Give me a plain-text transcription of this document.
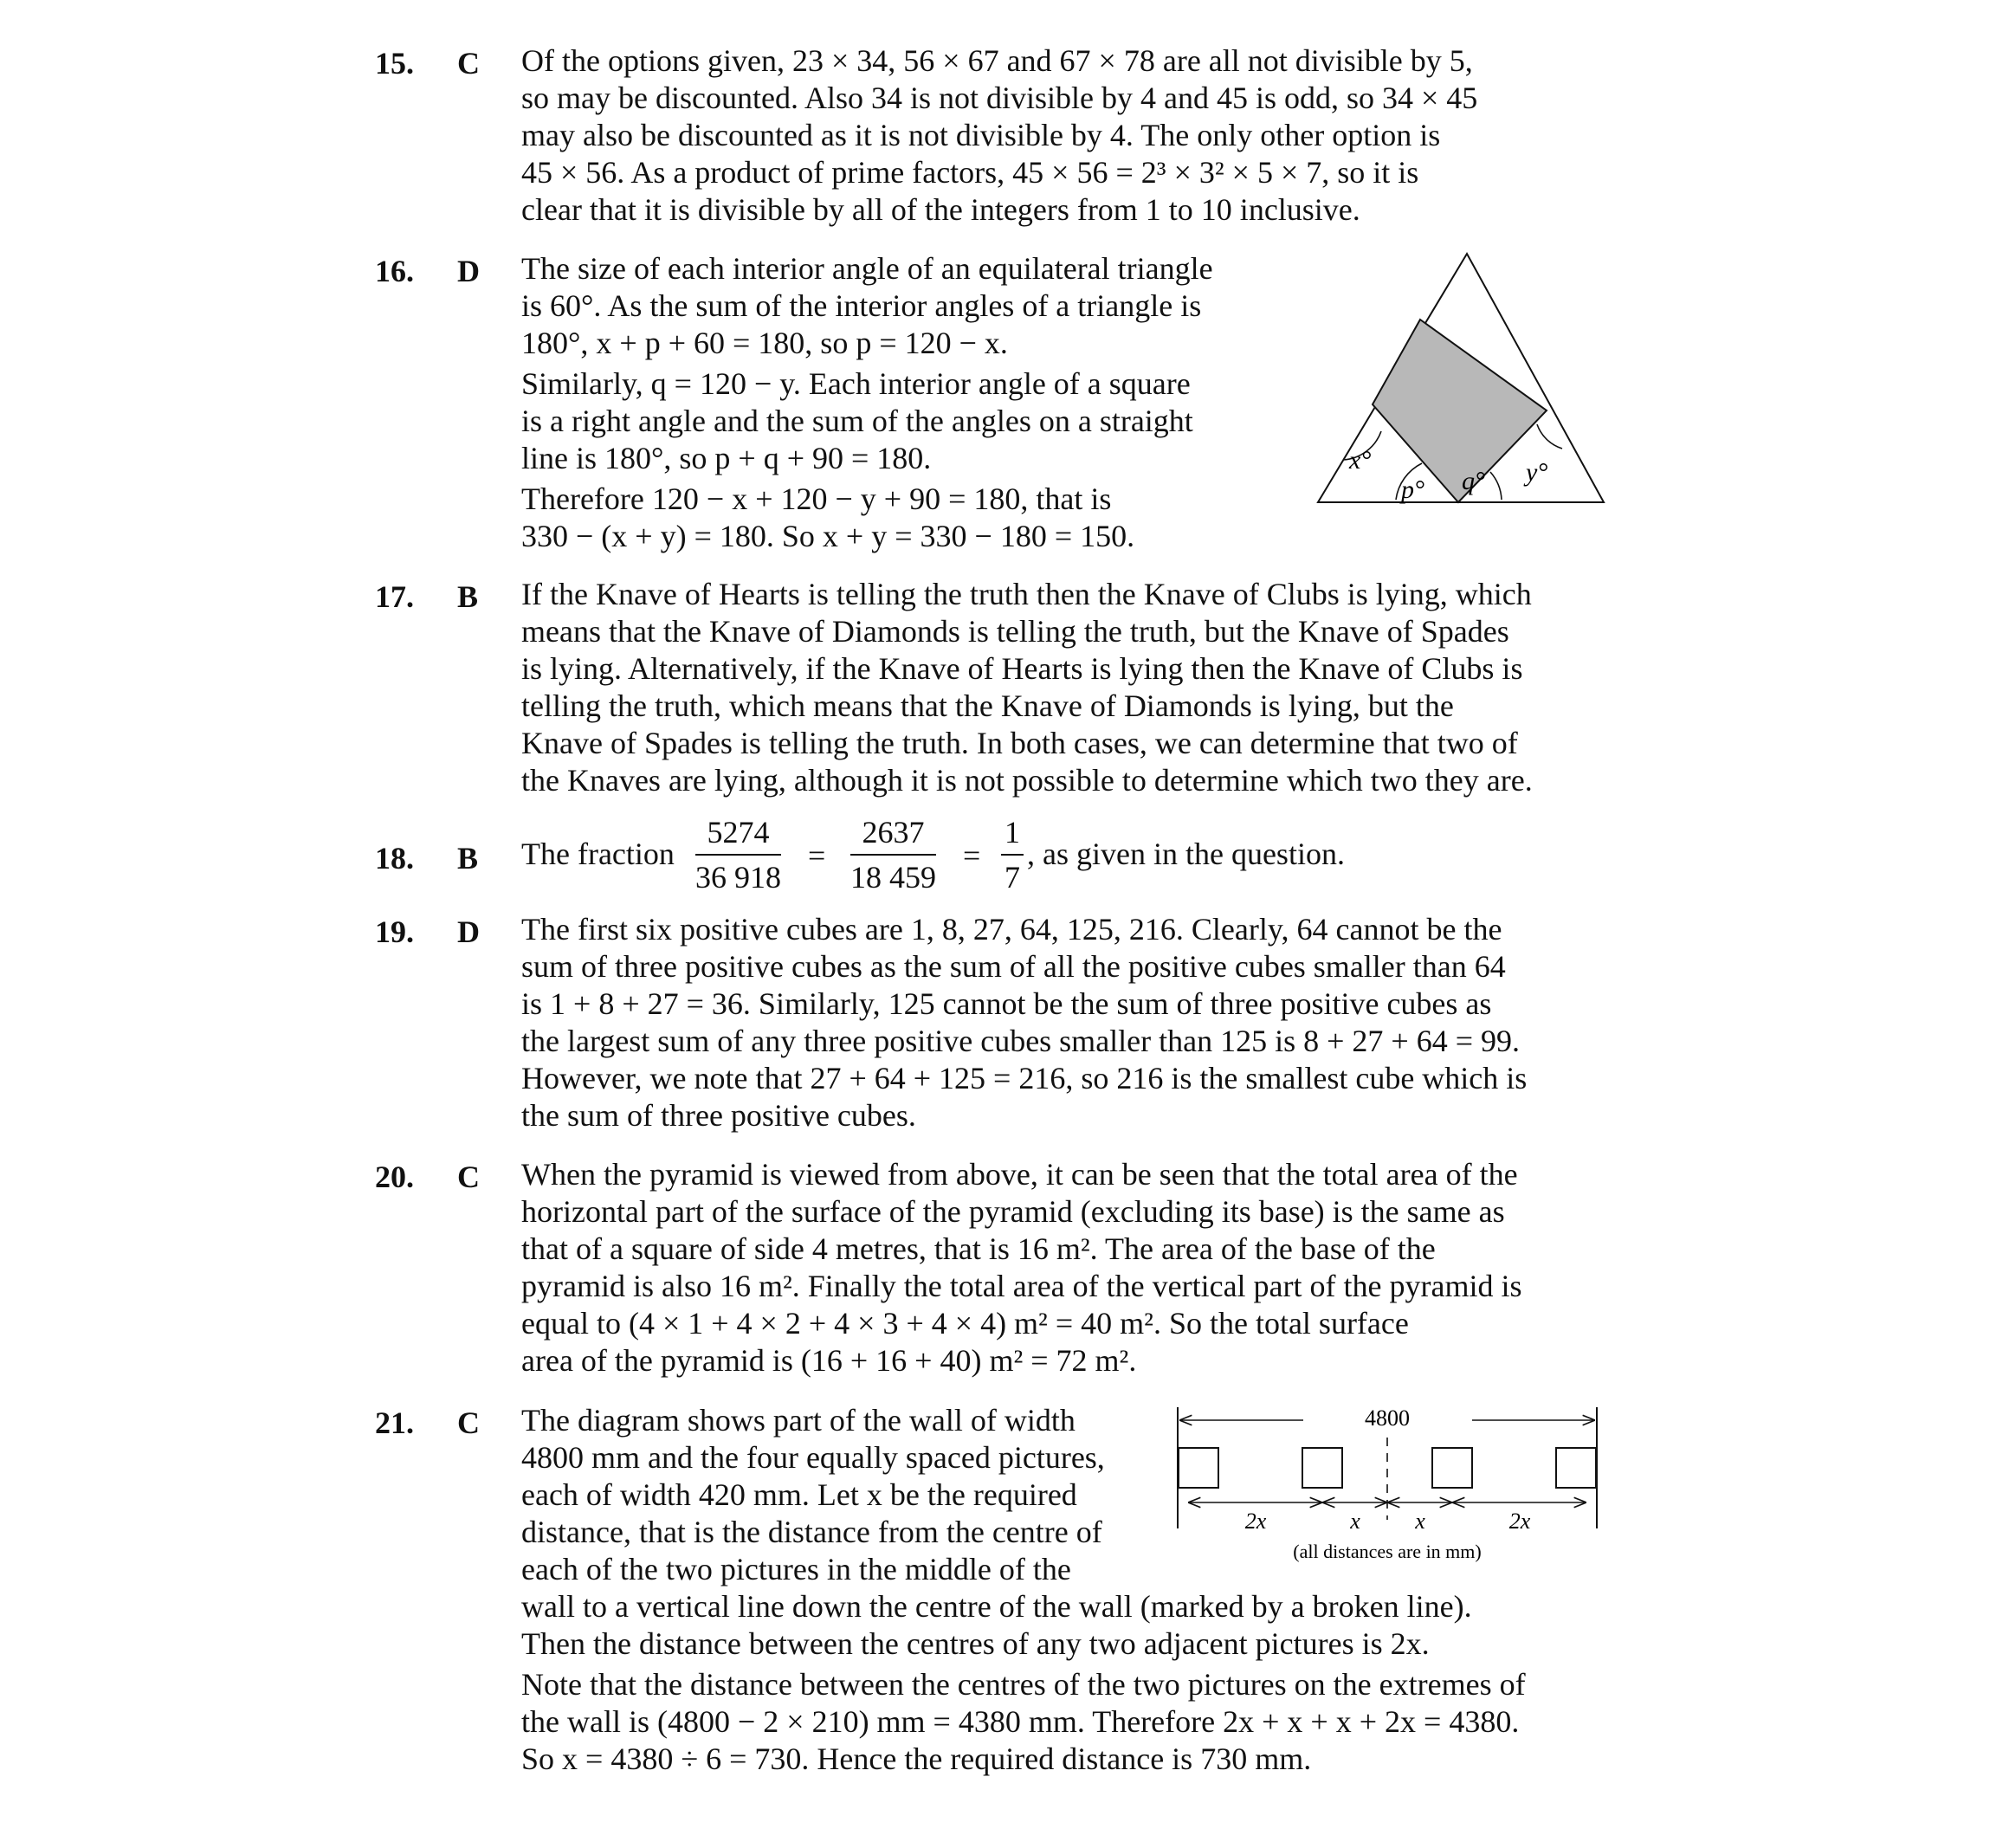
15. C Of the options given, 23 × 34, 56 × 67 and 67 × 78 are all not divisible by 5,
so may be discounted. Also 34 is not divisible by 4 and 45 is odd, so 34 × 45
may also be discounted as it is not divisible by 4. The only other option is
45 × 56. As a product of prime factors, 45 × 56 = 2³ × 3² × 5 × 7, so it is
clear that it is divisible by all of the integers from 1 to 10 inclusive.
16. D The size of each interior angle of an equilateral triangle
is 60°. As the sum of the interior angles of a triangle is
180°, x + p + 60 = 180, so p = 120 − x.
Similarly, q = 120 − y. Each interior angle of a square
is a right angle and the sum of the angles on a straight
line is 180°, so p + q + 90 = 180.
Therefore 120 − x + 120 − y + 90 = 180, that is
330 − (x + y) = 180. So x + y = 330 − 180 = 150.
x°
p° q° y°
17. B If the Knave of Hearts is telling the truth then the Knave of Clubs is lying, which
means that the Knave of Diamonds is telling the truth, but the Knave of Spades
is lying. Alternatively, if the Knave of Hearts is lying then the Knave of Clubs is
telling the truth, which means that the Knave of Diamonds is lying, but the
Knave of Spades is telling the truth. In both cases, we can determine that two of
the Knaves are lying, although it is not possible to determine which two they are.
18. B The fraction $\frac{5274}{36 918} = \frac{2637}{18 459} = \frac{1}{7}$ , as given in the question.
19. D The first six positive cubes are 1, 8, 27, 64, 125, 216. Clearly, 64 cannot be the
sum of three positive cubes as the sum of all the positive cubes smaller than 64
is 1 + 8 + 27 = 36. Similarly, 125 cannot be the sum of three positive cubes as
the largest sum of any three positive cubes smaller than 125 is 8 + 27 + 64 = 99.
However, we note that 27 + 64 + 125 = 216, so 216 is the smallest cube which is
the sum of three positive cubes.
20. C When the pyramid is viewed from above, it can be seen that the total area of the
horizontal part of the surface of the pyramid (excluding its base) is the same as
that of a square of side 4 metres, that is 16 m². The area of the base of the
pyramid is also 16 m². Finally the total area of the vertical part of the pyramid is
equal to (4 × 1 + 4 × 2 + 4 × 3 + 4 × 4) m² = 40 m². So the total surface
area of the pyramid is (16 + 16 + 40) m² = 72 m².
21. C The diagram shows part of the wall of width
4800 mm and the four equally spaced pictures,
each of width 420 mm. Let x be the required
distance, that is the distance from the centre of
each of the two pictures in the middle of the
wall to a vertical line down the centre of the wall (marked by a broken line).
Then the distance between the centres of any two adjacent pictures is 2x.
Note that the distance between the centres of the two pictures on the extremes of
the wall is (4800 − 2 × 210) mm = 4380 mm. Therefore 2x + x + x + 2x = 4380.
So x = 4380 ÷ 6 = 730. Hence the required distance is 730 mm.
4800
2x	x x	2x
(all distances are in mm)
